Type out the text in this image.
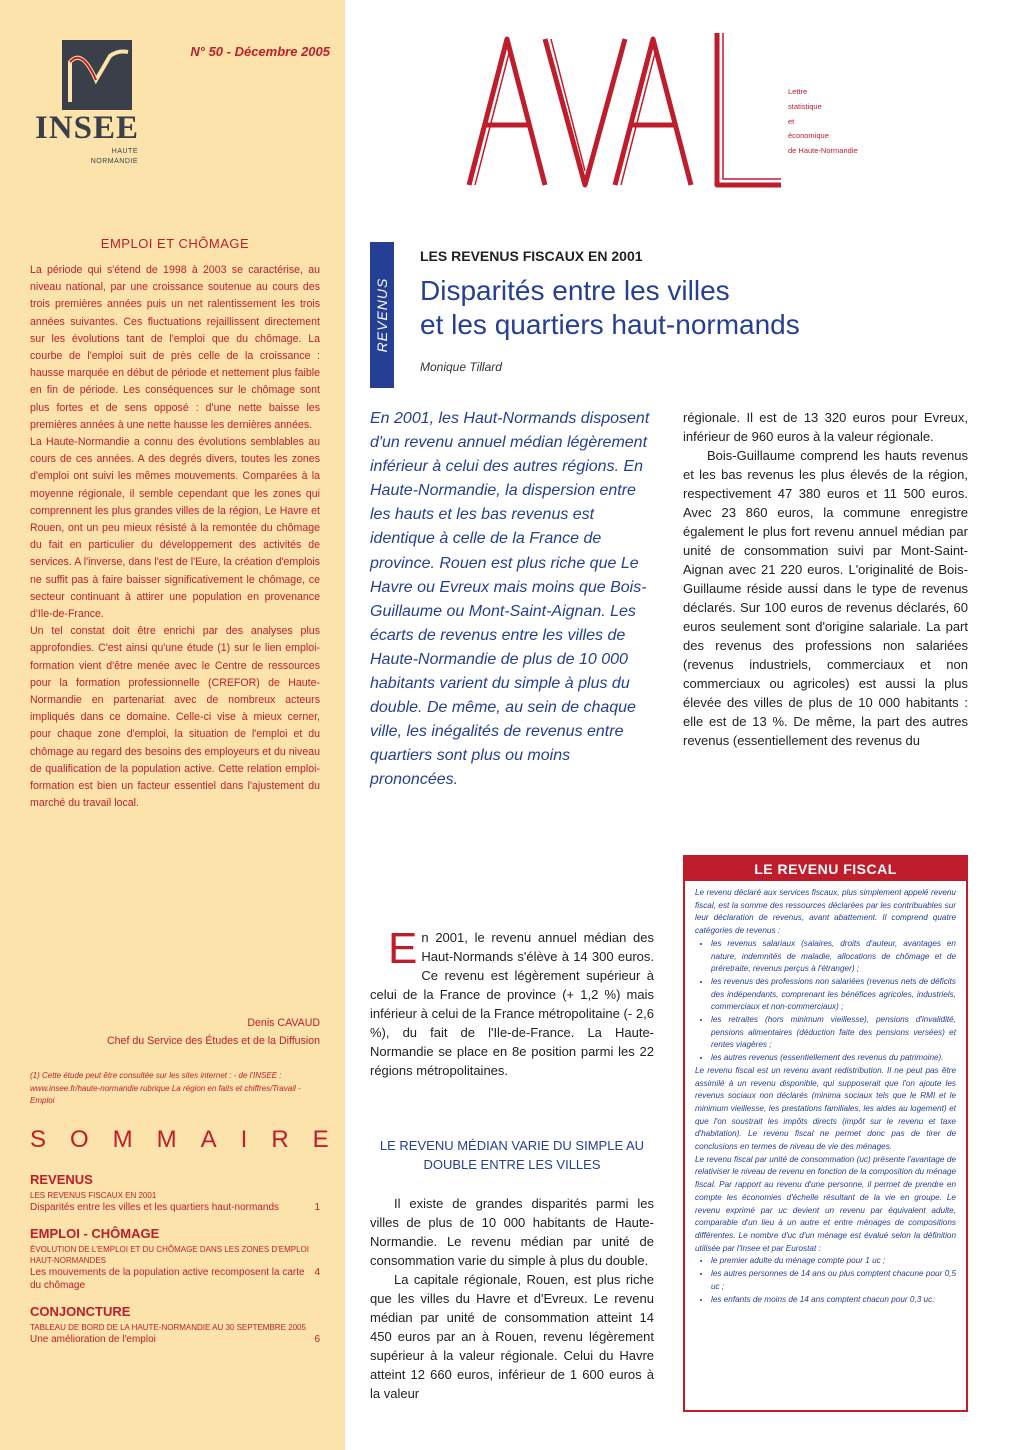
INSEE
HAUTE
NORMANDIE
N° 50 - Décembre 2005
EMPLOI ET CHÔMAGE

La période qui s'étend de 1998 à 2003 se caractérise, au niveau national, par une croissance soutenue au cours des trois premières années puis un net ralentissement les trois années suivantes. Ces fluctuations rejaillissent directement sur les évolutions tant de l'emploi que du chômage. La courbe de l'emploi suit de près celle de la croissance : hausse marquée en début de période et nettement plus faible en fin de période. Les conséquences sur le chômage sont plus fortes et de sens opposé : d'une nette baisse les premières années à une nette hausse les dernières années.

La Haute-Normandie a connu des évolutions semblables au cours de ces années. A des degrés divers, toutes les zones d'emploi ont suivi les mêmes mouvements. Comparées à la moyenne régionale, il semble cependant que les zones qui comprennent les plus grandes villes de la région, Le Havre et Rouen, ont un peu mieux résisté à la remontée du chômage du fait en particulier du développement des activités de services. A l'inverse, dans l'est de l'Eure, la création d'emplois ne suffit pas à faire baisser significativement le chômage, ce secteur continuant à attirer une population en provenance d'Ile-de-France.

Un tel constat doit être enrichi par des analyses plus approfondies. C'est ainsi qu'une étude (1) sur le lien emploi-formation vient d'être menée avec le Centre de ressources pour la formation professionnelle (CREFOR) de Haute-Normandie en partenariat avec de nombreux acteurs impliqués dans ce domaine. Celle-ci vise à mieux cerner, pour chaque zone d'emploi, la situation de l'emploi et du chômage au regard des besoins des employeurs et du niveau de qualification de la population active. Cette relation emploi-formation est bien un facteur essentiel dans l'ajustement du marché du travail local.

Denis CAVAUD
Chef du Service des Études et de la Diffusion
(1) Cette étude peut être consultée sur les sites internet : - de l'INSEE : www.insee.fr/haute-normandie rubrique La région en faits et chiffres/Travail - Emploi
SOMMAIRE
REVENUS
LES REVENUS FISCAUX EN 2001
1
Disparités entre les villes et les quartiers haut-normands
EMPLOI - CHÔMAGE
ÉVOLUTION DE L'EMPLOI ET DU CHÔMAGE DANS LES ZONES D'EMPLOI HAUT-NORMANDES
4
Les mouvements de la population active recomposent la carte du chômage
CONJONCTURE
TABLEAU DE BORD DE LA HAUTE-NORMANDIE AU 30 SEPTEMBRE 2005
6
Une amélioration de l'emploi
Lettre
statistique
et
économique
de Haute-Normandie
REVENUS
LES REVENUS FISCAUX EN 2001
Disparités entre les villes
et les quartiers haut-normands
Monique Tillard
En 2001, les Haut-Normands disposent d'un revenu annuel médian légèrement inférieur à celui des autres régions. En Haute-Normandie, la dispersion entre les hauts et les bas revenus est identique à celle de la France de province. Rouen est plus riche que Le Havre ou Evreux mais moins que Bois-Guillaume ou Mont-Saint-Aignan. Les écarts de revenus entre les villes de Haute-Normandie de plus de 10 000 habitants varient du simple à plus du double. De même, au sein de chaque ville, les inégalités de revenus entre quartiers sont plus ou moins prononcées.
En 2001, le revenu annuel médian des Haut-Normands s'élève à 14 300 euros. Ce revenu est légèrement supérieur à celui de la France de province (+ 1,2 %) mais inférieur à celui de la France métropolitaine (- 2,6 %), du fait de l'Ile-de-France. La Haute-Normandie se place en 8e position parmi les 22 régions métropolitaines.
LE REVENU MÉDIAN VARIE DU SIMPLE AU DOUBLE ENTRE LES VILLES

Il existe de grandes disparités parmi les villes de plus de 10 000 habitants de Haute-Normandie. Le revenu médian par unité de consommation varie du simple à plus du double.

La capitale régionale, Rouen, est plus riche que les villes du Havre et d'Evreux. Le revenu médian par unité de consommation atteint 14 450 euros par an à Rouen, revenu légèrement supérieur à la valeur régionale. Celui du Havre atteint 12 660 euros, inférieur de 1 600 euros à la valeur

régionale. Il est de 13 320 euros pour Evreux, inférieur de 960 euros à la valeur régionale.

Bois-Guillaume comprend les hauts revenus et les bas revenus les plus élevés de la région, respectivement 47 380 euros et 11 500 euros. Avec 23 860 euros, la commune enregistre également le plus fort revenu annuel médian par unité de consommation suivi par Mont-Saint-Aignan avec 21 220 euros. L'originalité de Bois-Guillaume réside aussi dans le type de revenus déclarés. Sur 100 euros de revenus déclarés, 60 euros seulement sont d'origine salariale. La part des revenus des professions non salariées (revenus industriels, commerciaux et non commerciaux ou agricoles) est aussi la plus élevée des villes de plus de 10 000 habitants : elle est de 13 %. De même, la part des autres revenus (essentiellement des revenus du

LE REVENU FISCAL

Le revenu déclaré aux services fiscaux, plus simplement appelé revenu fiscal, est la somme des ressources déclarées par les contribuables sur leur déclaration de revenus, avant abattement. Il comprend quatre catégories de revenus :

• les revenus salariaux (salaires, droits d'auteur, avantages en nature, indemnités de maladie, allocations de chômage et de préretraite, revenus perçus à l'étranger) ;
• les revenus des professions non salariées (revenus nets de déficits des indépendants, comprenant les bénéfices agricoles, industriels, commerciaux et non-commerciaux) ;
• les retraites (hors minimum vieillesse), pensions d'invalidité, pensions alimentaires (déduction faite des pensions versées) et rentes viagères ;
• les autres revenus (essentiellement des revenus du patrimoine).

Le revenu fiscal est un revenu avant redistribution. Il ne peut pas être assimilé à un revenu disponible, qui supposerait que l'on ajoute les revenus sociaux non déclarés (minima sociaux tels que le RMI et le minimum vieillesse, les prestations familiales, les aides au logement) et que l'on soustrait les impôts directs (impôt sur le revenu et taxe d'habitation). Le revenu fiscal ne permet donc pas de tirer de conclusions en termes de niveau de vie des ménages.

Le revenu fiscal par unité de consommation (uc) présente l'avantage de relativiser le niveau de revenu en fonction de la composition du ménage fiscal. Par rapport au revenu d'une personne, il permet de prendre en compte les économies d'échelle résultant de la vie en groupe. Le revenu exprimé par uc devient un revenu par équivalent adulte, comparable d'un lieu à un autre et entre ménages de compositions différentes. Le nombre d'uc d'un ménage est évalué selon la définition utilisée par l'Insee et par Eurostat :

• le premier adulte du ménage compte pour 1 uc ;
• les autres personnes de 14 ans ou plus comptent chacune pour 0,5 uc ;
• les enfants de moins de 14 ans comptent chacun pour 0,3 uc.
